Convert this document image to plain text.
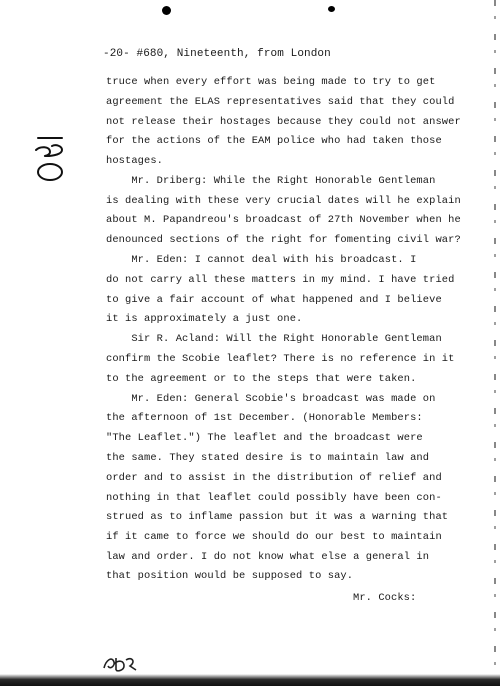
-20- #680, Nineteenth, from London
truce when every effort was being made to try to get
agreement the ELAS representatives said that they could
not release their hostages because they could not answer
for the actions of the EAM police who had taken those
hostages.
Mr. Driberg: While the Right Honorable Gentleman
is dealing with these very crucial dates will he explain
about M. Papandreou's broadcast of 27th November when he
denounced sections of the right for fomenting civil war?
Mr. Eden: I cannot deal with his broadcast. I
do not carry all these matters in my mind. I have tried
to give a fair account of what happened and I believe
it is approximately a just one.
Sir R. Acland: Will the Right Honorable Gentleman
confirm the Scobie leaflet? There is no reference in it
to the agreement or to the steps that were taken.
Mr. Eden: General Scobie's broadcast was made on
the afternoon of 1st December. (Honorable Members:
"The Leaflet.") The leaflet and the broadcast were
the same. They stated desire is to maintain law and
order and to assist in the distribution of relief and
nothing in that leaflet could possibly have been con-
strued as to inflame passion but it was a warning that
if it came to force we should do our best to maintain
law and order. I do not know what else a general in
that position would be supposed to say.
Mr. Cocks:
